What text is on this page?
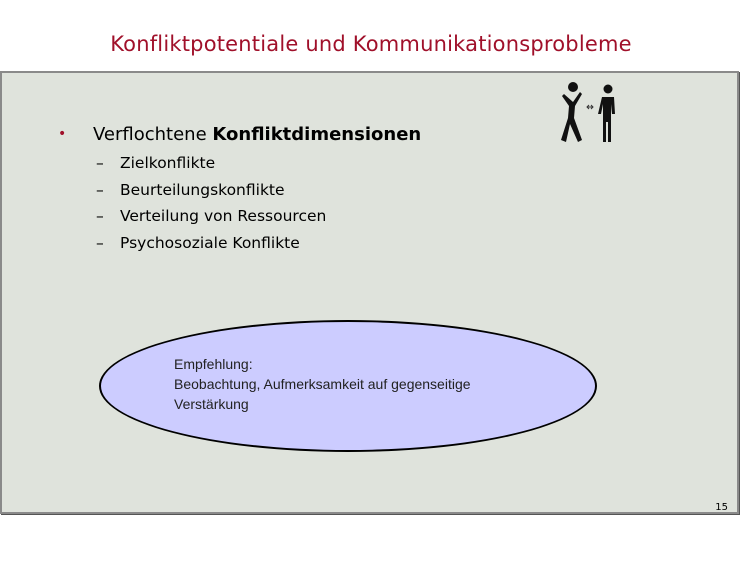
Konfliktpotentiale und Kommunikationsprobleme
• Verflochtene Konfliktdimensionen
– Zielkonflikte
– Beurteilungskonflikte
– Verteilung von Ressourcen
– Psychosoziale Konflikte
Empfehlung:
Beobachtung, Aufmerksamkeit auf gegenseitige
Verstärkung
15
